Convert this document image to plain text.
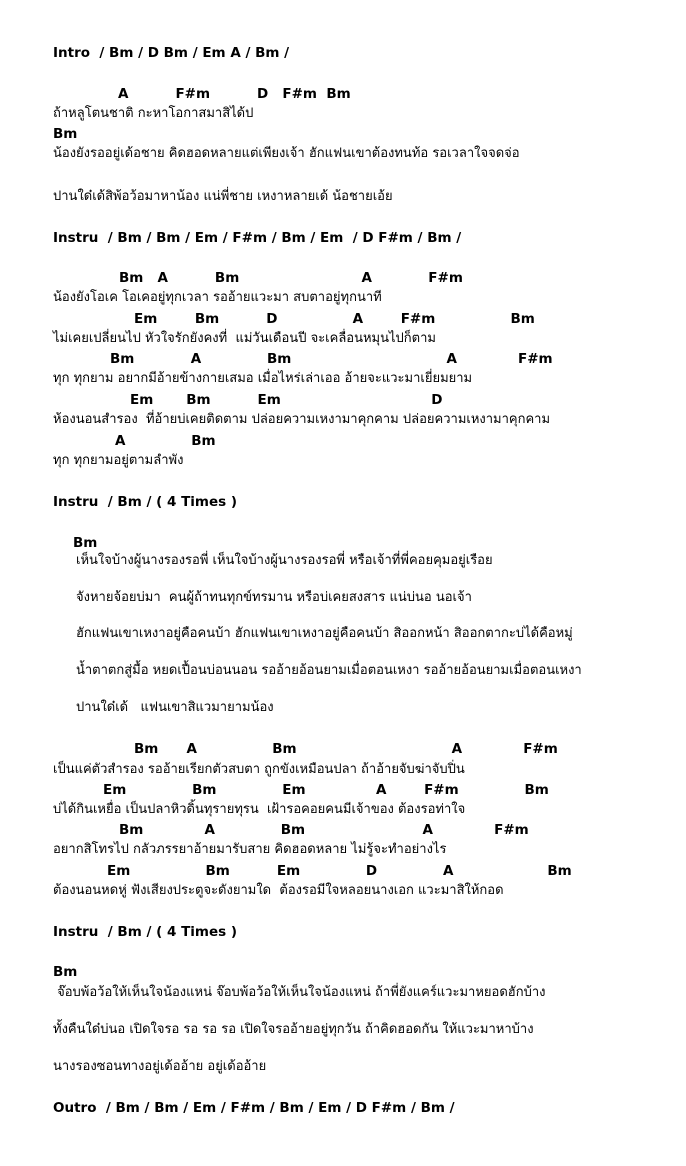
Intro  / Bm / D Bm / Em A / Bm /
A          F#m          D   F#m  Bm
ถ้าหลูโตนชาติ กะหาโอกาสมาสิได้ป
Bm
น้องยังรออยู่เด้อชาย คิดฮอดหลายแต่เพียงเจ้า ฮักแฟนเขาต้องทนท้อ รอเวลาใจจดจ่อ
ปานใด๋เด้สิพ้อว้อมาหาน้อง แน่พี่ชาย เหงาหลายเด้ น้อชายเอ้ย
Instru  / Bm / Bm / Em / F#m / Bm / Em  / D F#m / Bm /
Bm   A          Bm                          A            F#m
น้องยังโอเค โอเคอยู่ทุกเวลา รออ้ายแวะมา สบตาอยู่ทุกนาที
Em        Bm          D                A        F#m                Bm
ไม่เคยเปลี่ยนไป หัวใจรักยังคงที่  แม่วันเดือนปี จะเคลื่อนหมุนไปก็ตาม
Bm            A              Bm                                 A             F#m
ทุก ทุกยาม อยากมีอ้ายข้างกายเสมอ เมื่อไหร่เล่าเออ อ้ายจะแวะมาเยี่ยมยาม
Em       Bm          Em                                D
ห้องนอนสำรอง  ที่อ้ายบ่เคยติดตาม ปล่อยความเหงามาคุกคาม ปล่อยความเหงามาคุกคาม
A              Bm
ทุก ทุกยามอยู่ตามลำพัง
Instru  / Bm / ( 4 Times )
Bm
เห็นใจบ้างผู้นางรองรอพี่ เห็นใจบ้างผู้นางรองรอพี่ หรือเจ้าที่พี่คอยคุมอยู่เรือย
จังหายจ้อยบ่มา  คนผู้ถ้าทนทุกข์ทรมาน หรือบ่เคยสงสาร แน่บ่นอ นอเจ้า
ฮักแฟนเขาเหงาอยู่คือคนบ้า ฮักแฟนเขาเหงาอยู่คือคนบ้า สิออกหน้า สิออกตากะบ่ได้คือหมู่
น้ำตาตกสู่มื้อ หยดเปื้อนบ่อนนอน รออ้ายอ้อนยามเมื่อตอนเหงา รออ้ายอ้อนยามเมื่อตอนเหงา
ปานใด๋เด้   แฟนเขาสิแวมายามน้อง
Bm      A                Bm                                 A             F#m
เป็นแค่ตัวสำรอง รออ้ายเรียกตัวสบตา ถูกขังเหมือนปลา ถ้าอ้ายจับฆ่าจับปิ่น
Em              Bm              Em               A        F#m              Bm
บ่ได้กินเหยื่อ เป็นปลาหิวดิ้นทุรายทุรน  เฝ้ารอคอยคนมีเจ้าของ ต้องรอท่าใจ
Bm             A              Bm                         A             F#m
อยากสิโทรไป กลัวภรรยาอ้ายมารับสาย คิดฮอดหลาย ไม่รู้จะทำอย่างไร
Em                Bm          Em              D              A                    Bm
ต้องนอนหดหู่ ฟังเสียงประตูจะดังยามใด  ต้องรอมีใจหลอยนางเอก แวะมาสิให้กอด
Instru  / Bm / ( 4 Times )
Bm
จ๊อบพ้อว้อให้เห็นใจน้องแหน่ จ๊อบพ้อว้อให้เห็นใจน้องแหน่ ถ้าพี่ยังแคร์แวะมาหยอดฮักบ้าง
ทั้งคืนใด๋บ่นอ เปิดใจรอ รอ รอ รอ เปิดใจรออ้ายอยู่ทุกวัน ถ้าคิดฮอดกัน ให้แวะมาหาบ้าง
นางรองซอนทางอยู่เด้ออ้าย อยู่เด้ออ้าย
Outro  / Bm / Bm / Em / F#m / Bm / Em / D F#m / Bm /
